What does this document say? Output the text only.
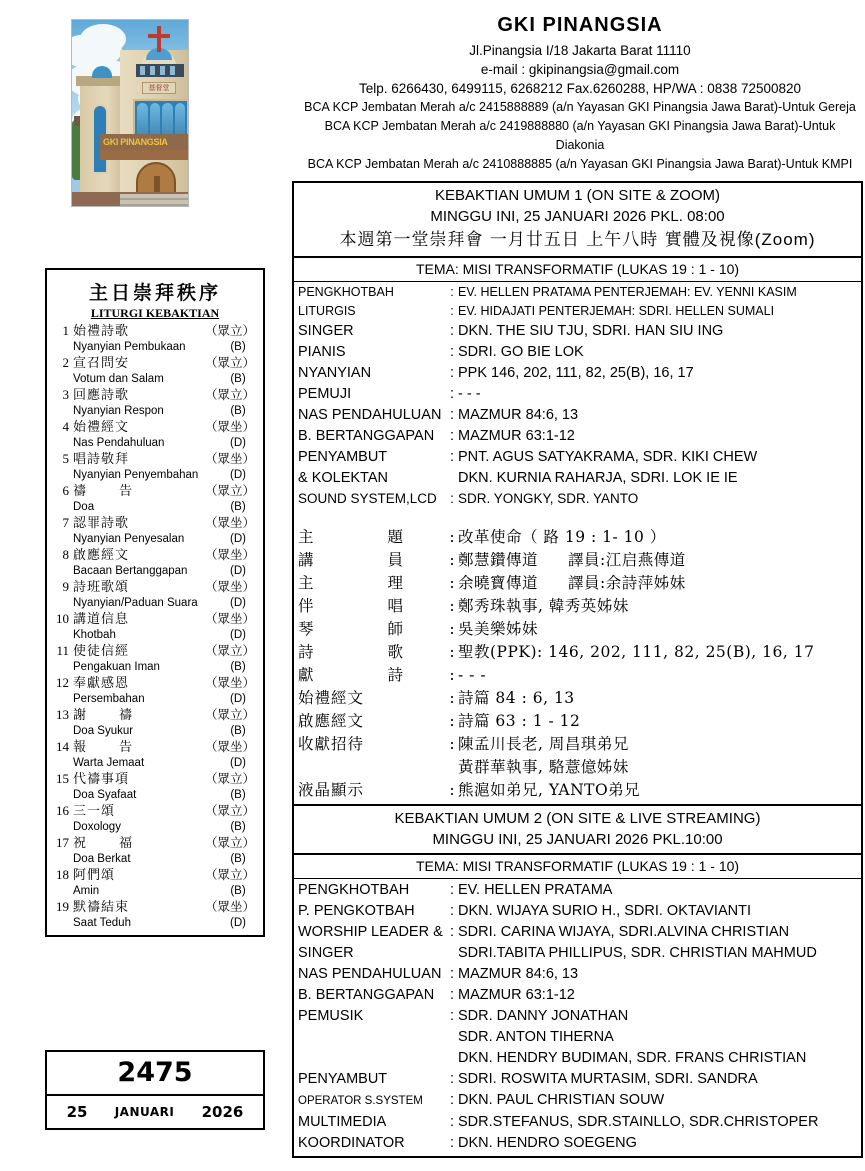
基督堂
GKI PINANGSIA
GKI PINANGSIA
Jl.Pinangsia I/18 Jakarta Barat 11110
e-mail : gkipinangsia@gmail.com
Telp. 6266430, 6499115, 6268212 Fax.6260288, HP/WA : 0838 72500820
BCA KCP Jembatan Merah a/c 2415888889 (a/n Yayasan GKI Pinangsia Jawa Barat)-Untuk Gereja
BCA KCP Jembatan Merah a/c 2419888880 (a/n Yayasan GKI Pinangsia Jawa Barat)-Untuk Diakonia
BCA KCP Jembatan Merah a/c 2410888885 (a/n Yayasan GKI Pinangsia Jawa Barat)-Untuk KMPI
主日崇拜秩序
LITURGI KEBAKTIAN
1 始禮詩歌	（眾立）
Nyanyian Pembukaan	(B)
2 宣召問安	（眾立）
Votum dan Salam	(B)
3 回應詩歌	（眾立）
Nyanyian Respon	(B)
4 始禮經文	（眾坐）
Nas Pendahuluan	(D)
5 唱詩敬拜	（眾坐）
Nyanyian Penyembahan	(D)
6 禱　告	（眾立）
Doa	(B)
7 認罪詩歌	（眾坐）
Nyanyian Penyesalan	(D)
8 啟應經文	（眾坐）
Bacaan Bertanggapan	(D)
9 詩班歌頌	（眾坐）
Nyanyian/Paduan Suara	(D)
10 講道信息	（眾坐）
Khotbah	(D)
11 使徒信經	（眾立）
Pengakuan Iman	(B)
12 奉獻感恩	（眾坐）
Persembahan	(D)
13 謝　禱	（眾立）
Doa Syukur	(B)
14 報　告	（眾坐）
Warta Jemaat	(D)
15 代禱事項	（眾立）
Doa Syafaat	(B)
16 三一頌	（眾立）
Doxology	(B)
17 祝　福	（眾立）
Doa Berkat	(B)
18 阿們頌	（眾立）
Amin	(B)
19 默禱結束	（眾坐）
Saat Teduh	(D)
2475
25 JANUARI 2026
KEBAKTIAN UMUM 1 (ON SITE & ZOOM)
MINGGU INI, 25 JANUARI 2026 PKL. 08:00
本週第一堂崇拜會 一月廿五日 上午八時 實體及視像(Zoom)
TEMA: MISI TRANSFORMATIF (LUKAS 19 : 1 - 10)
PENGKHOTBAH	: EV. HELLEN PRATAMA PENTERJEMAH: EV. YENNI KASIM
LITURGIS	: EV. HIDAJATI PENTERJEMAH: SDRI. HELLEN SUMALI
SINGER	: DKN. THE SIU TJU, SDRI. HAN SIU ING
PIANIS	: SDRI. GO BIE LOK
NYANYIAN	: PPK 146, 202, 111, 82, 25(B), 16, 17
PEMUJI	: - - -
NAS PENDAHULUAN : MAZMUR 84:6, 13
B. BERTANGGAPAN	: MAZMUR 63:1-12
PENYAMBUT	: PNT. AGUS SATYAKRAMA, SDR. KIKI CHEW
& KOLEKTAN	DKN. KURNIA RAHARJA, SDRI. LOK IE IE
SOUND SYSTEM,LCD : SDR. YONGKY, SDR. YANTO
主	題	: 改革使命（ 路 19 : 1- 10 ）
講	員	: 鄭慧鑽傳道 譯員:江启燕傳道
主	理	: 余曉寶傳道 譯員:余詩萍姊妹
伴	唱	: 鄭秀珠執事, 韓秀英姊妹
琴	師	: 吳美樂姊妹
詩	歌	: 聖教(PPK): 146, 202, 111, 82, 25(B), 16, 17
獻	詩	: - - -
始禮經文	: 詩篇 84 : 6, 13
啟應經文	: 詩篇 63 : 1 - 12
收獻招待	: 陳孟川長老, 周昌琪弟兄
黃群華執事, 駱薏億姊妹
液晶顯示	: 熊滬如弟兄, YANTO弟兄
KEBAKTIAN UMUM 2 (ON SITE & LIVE STREAMING)
MINGGU INI, 25 JANUARI 2026 PKL.10:00
TEMA: MISI TRANSFORMATIF (LUKAS 19 : 1 - 10)
PENGKHOTBAH	: EV. HELLEN PRATAMA
P. PENGKOTBAH	: DKN. WIJAYA SURIO H., SDRI. OKTAVIANTI
WORSHIP LEADER & : SDRI. CARINA WIJAYA, SDRI.ALVINA CHRISTIAN
SINGER	SDRI.TABITA PHILLIPUS, SDR. CHRISTIAN MAHMUD
NAS PENDAHULUAN : MAZMUR 84:6, 13
B. BERTANGGAPAN	: MAZMUR 63:1-12
PEMUSIK	: SDR. DANNY JONATHAN
SDR. ANTON TIHERNA
DKN. HENDRY BUDIMAN, SDR. FRANS CHRISTIAN
PENYAMBUT	: SDRI. ROSWITA MURTASIM, SDRI. SANDRA
OPERATOR S.SYSTEM	: DKN. PAUL CHRISTIAN SOUW
MULTIMEDIA	: SDR.STEFANUS, SDR.STAINLLO, SDR.CHRISTOPER
KOORDINATOR	: DKN. HENDRO SOEGENG
